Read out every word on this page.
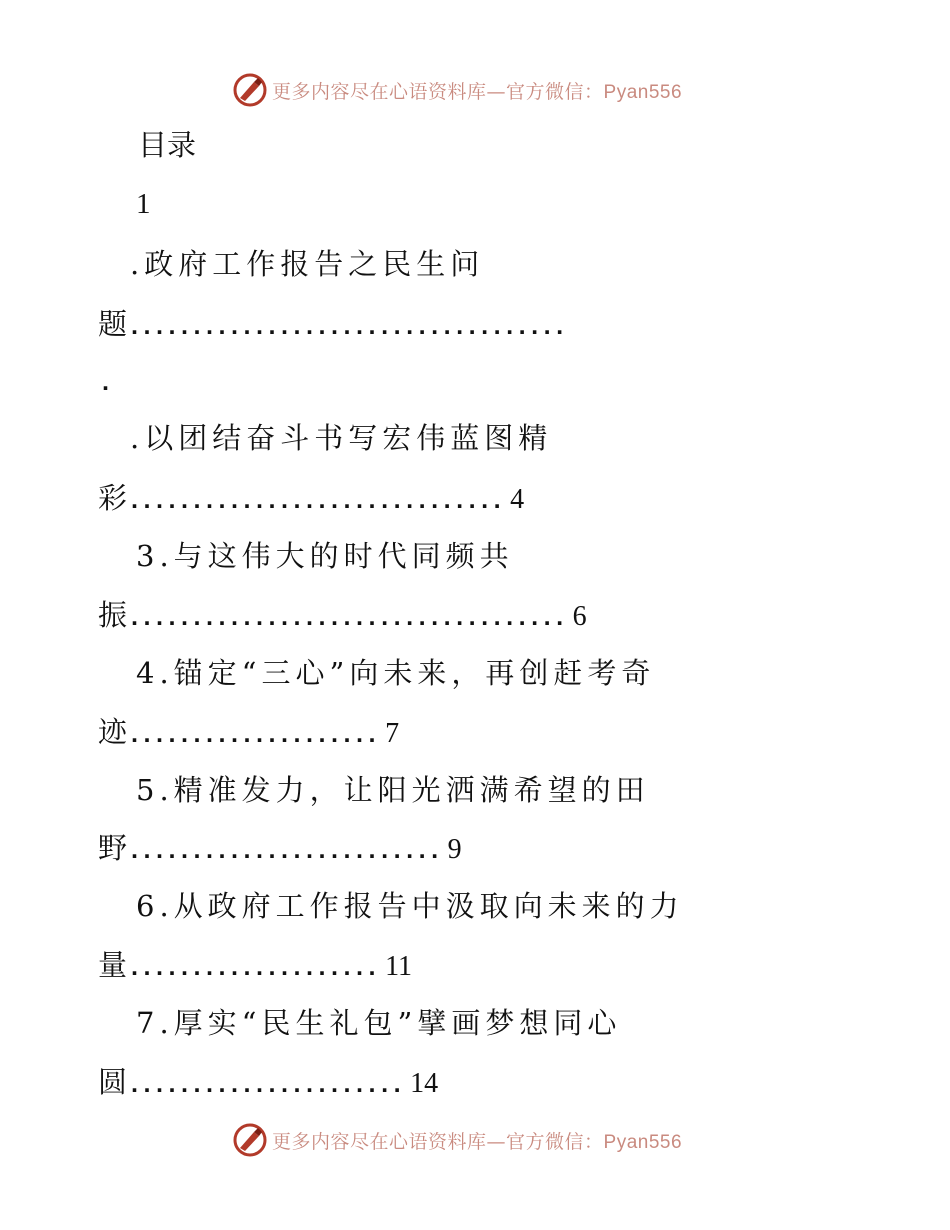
更多内容尽在心语资料库—官方微信：Pyan556
目录
1
.政府工作报告之民生问
题...................................
.
.以团结奋斗书写宏伟蓝图精
彩.............................. 4
3.与这伟大的时代同频共
振................................... 6
4.锚定“三心”向未来，再创赶考奇
迹.................... 7
5.精准发力，让阳光洒满希望的田
野......................... 9
6.从政府工作报告中汲取向未来的力
量.................... 11
7.厚实“民生礼包”擘画梦想同心
圆...................... 14
更多内容尽在心语资料库—官方微信：Pyan556
